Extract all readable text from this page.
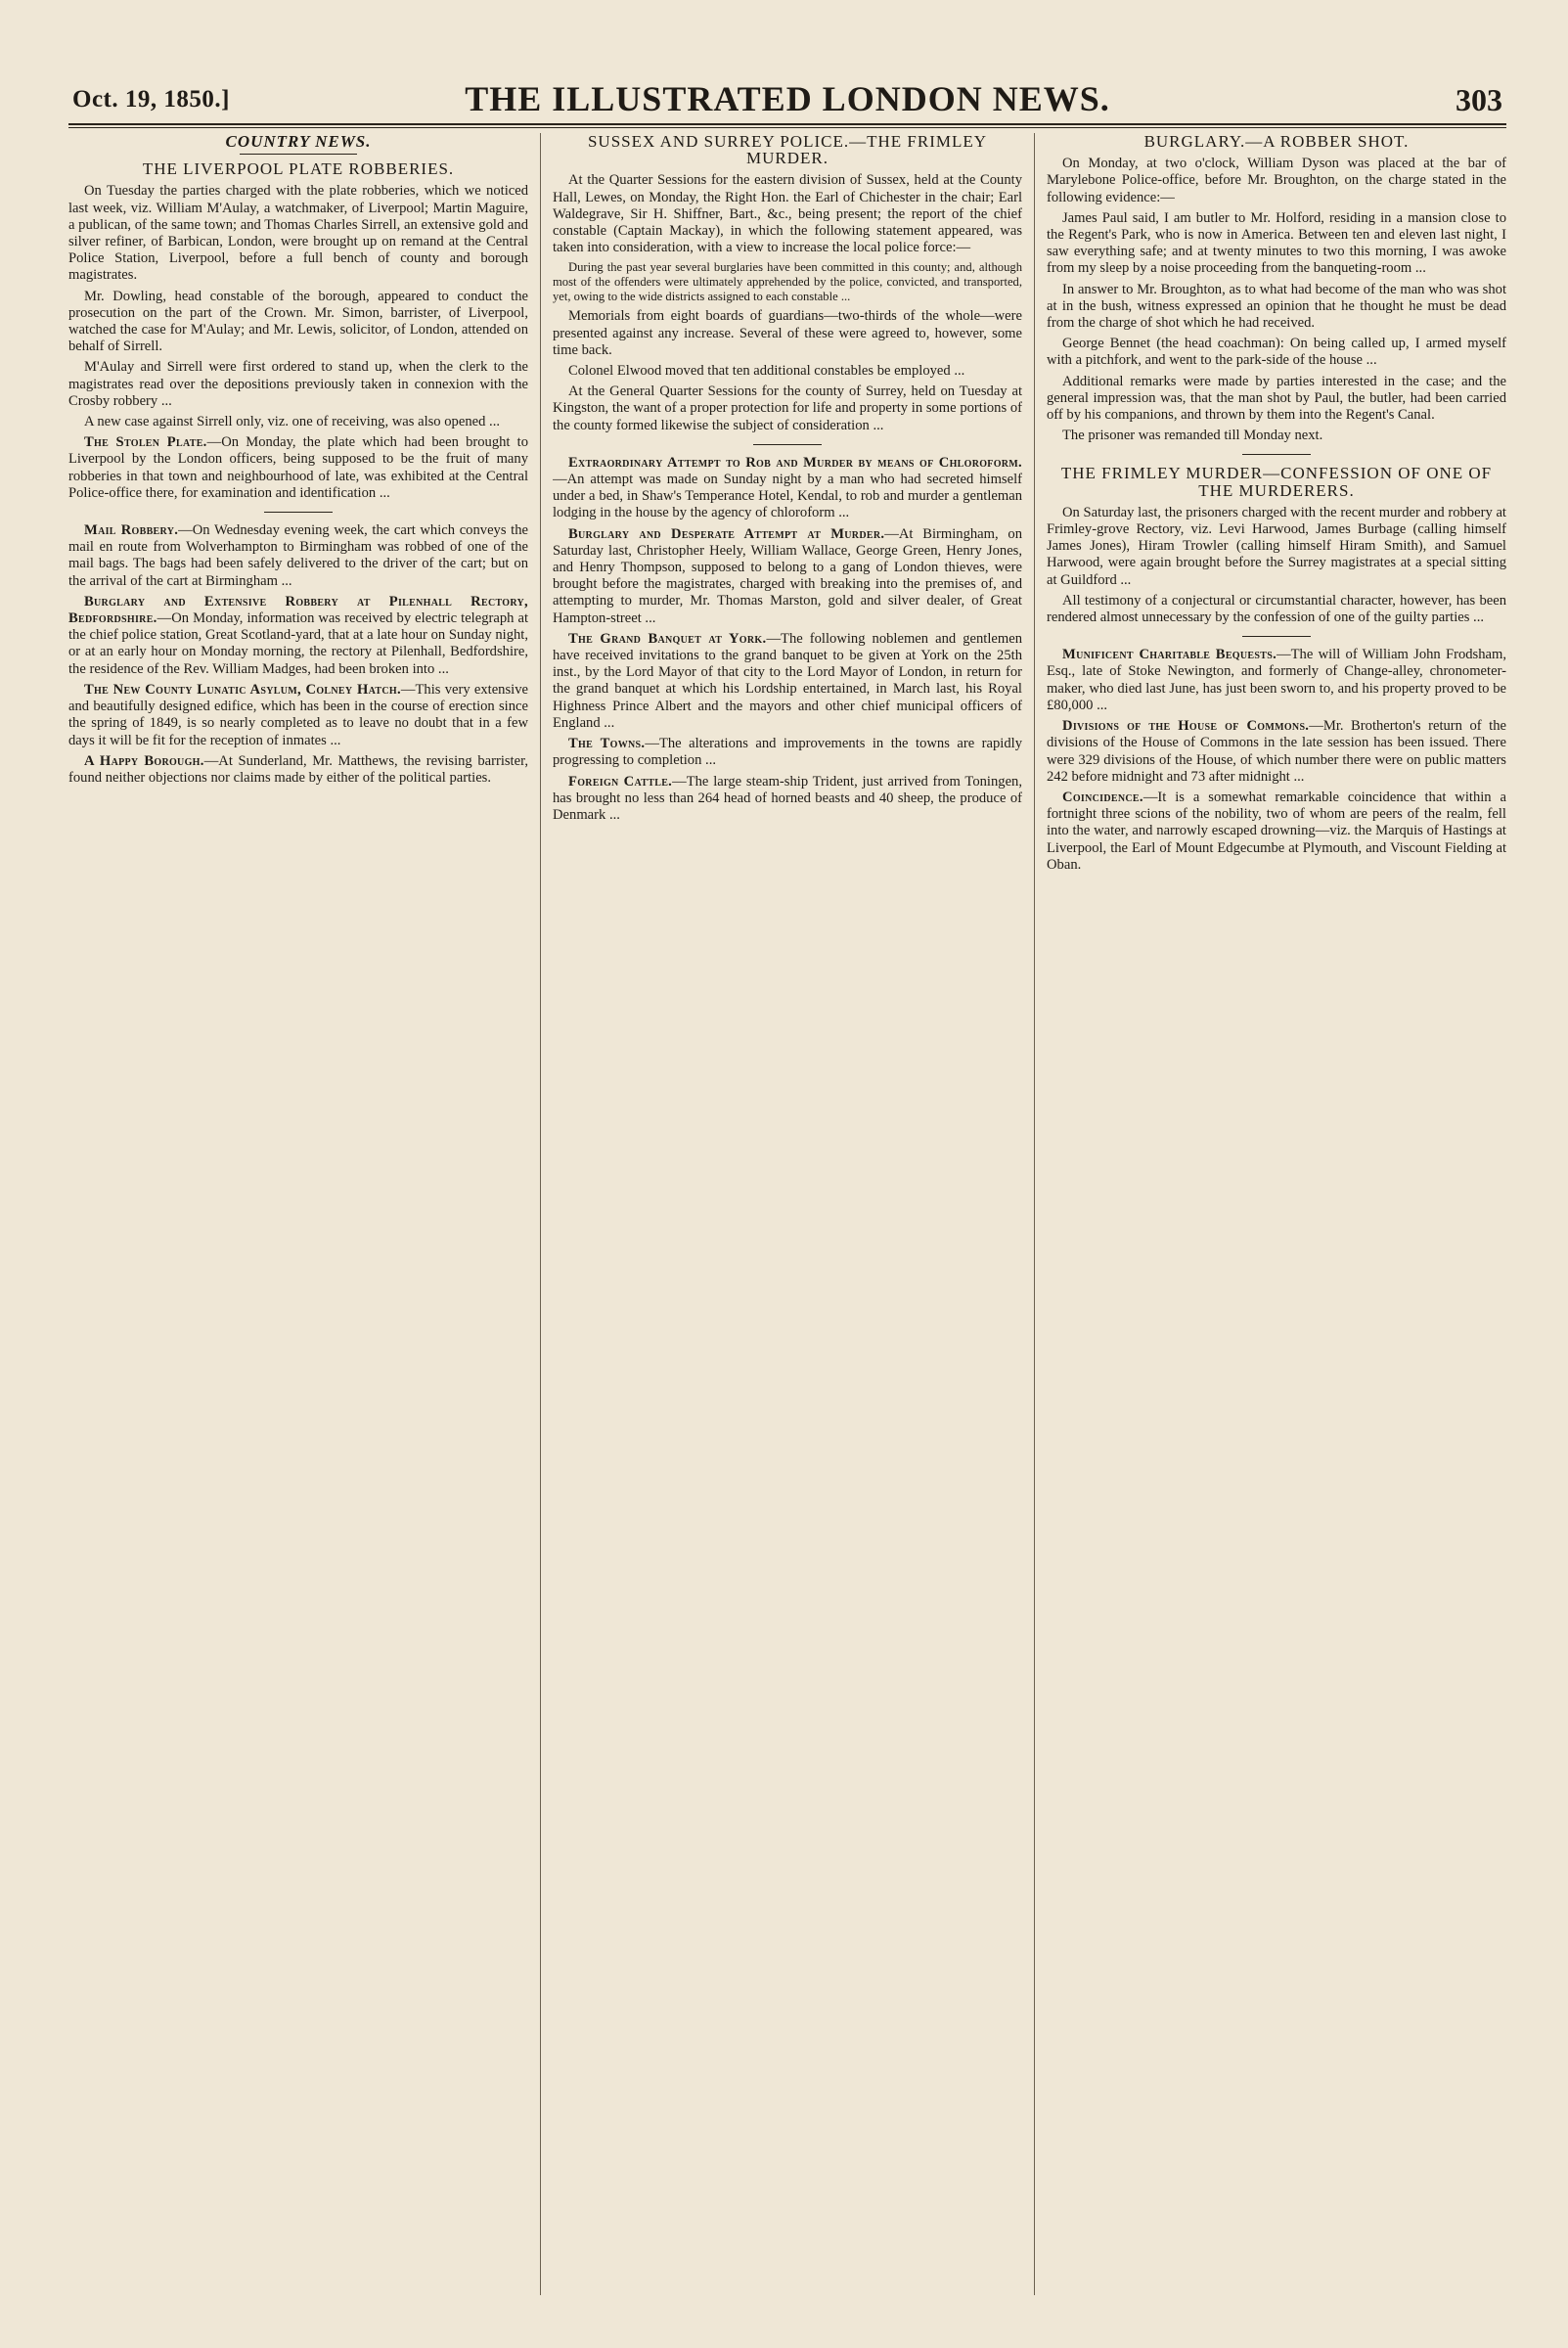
Oct. 19, 1850.]	THE ILLUSTRATED LONDON NEWS.	303
COUNTRY NEWS.
THE LIVERPOOL PLATE ROBBERIES.

On Tuesday the parties charged with the plate robberies, which we noticed last week, viz. William M'Aulay, a watchmaker, of Liverpool; Martin Maguire, a publican, of the same town; and Thomas Charles Sirrell, an extensive gold and silver refiner, of Barbican, London, were brought up on remand at the Central Police Station, Liverpool, before a full bench of county and borough magistrates.

Mr. Dowling, head constable of the borough, appeared to conduct the prosecution on the part of the Crown. Mr. Simon, barrister, of Liverpool, watched the case for M'Aulay; and Mr. Lewis, solicitor, of London, attended on behalf of Sirrell.

M'Aulay and Sirrell were first ordered to stand up, when the clerk to the magistrates read over the depositions previously taken in connexion with the Crosby robbery ...

A new case against Sirrell only, viz. one of receiving, was also opened ...

The Stolen Plate.—On Monday, the plate which had been brought to Liverpool by the London officers, being supposed to be the fruit of many robberies in that town and neighbourhood of late, was exhibited at the Central Police-office there, for examination and identification ...

Mail Robbery.—On Wednesday evening week, the cart which conveys the mail en route from Wolverhampton to Birmingham was robbed of one of the mail bags. The bags had been safely delivered to the driver of the cart; but on the arrival of the cart at Birmingham ...

Burglary and Extensive Robbery at Pilenhall Rectory, Bedfordshire.—On Monday, information was received by electric telegraph at the chief police station, Great Scotland-yard, that at a late hour on Sunday night, or at an early hour on Monday morning, the rectory at Pilenhall, Bedfordshire, the residence of the Rev. William Madges, had been broken into ...

The New County Lunatic Asylum, Colney Hatch.—This very extensive and beautifully designed edifice, which has been in the course of erection since the spring of 1849, is so nearly completed as to leave no doubt that in a few days it will be fit for the reception of inmates ...

A Happy Borough.—At Sunderland, Mr. Matthews, the revising barrister, found neither objections nor claims made by either of the political parties.

SUSSEX AND SURREY POLICE.—THE FRIMLEY MURDER.

At the Quarter Sessions for the eastern division of Sussex, held at the County Hall, Lewes, on Monday, the Right Hon. the Earl of Chichester in the chair; Earl Waldegrave, Sir H. Shiffner, Bart., &c., being present; the report of the chief constable (Captain Mackay), in which the following statement appeared, was taken into consideration, with a view to increase the local police force:—

During the past year several burglaries have been committed in this county; and, although most of the offenders were ultimately apprehended by the police, convicted, and transported, yet, owing to the wide districts assigned to each constable ...

Memorials from eight boards of guardians—two-thirds of the whole—were presented against any increase. Several of these were agreed to, however, some time back.

Colonel Elwood moved that ten additional constables be employed ...

At the General Quarter Sessions for the county of Surrey, held on Tuesday at Kingston, the want of a proper protection for life and property in some portions of the county formed likewise the subject of consideration ...

Extraordinary Attempt to Rob and Murder by means of Chloroform.—An attempt was made on Sunday night by a man who had secreted himself under a bed, in Shaw's Temperance Hotel, Kendal, to rob and murder a gentleman lodging in the house by the agency of chloroform ...

Burglary and Desperate Attempt at Murder.—At Birmingham, on Saturday last, Christopher Heely, William Wallace, George Green, Henry Jones, and Henry Thompson, supposed to belong to a gang of London thieves, were brought before the magistrates, charged with breaking into the premises of, and attempting to murder, Mr. Thomas Marston, gold and silver dealer, of Great Hampton-street ...

The Grand Banquet at York.—The following noblemen and gentlemen have received invitations to the grand banquet to be given at York on the 25th inst., by the Lord Mayor of that city to the Lord Mayor of London, in return for the grand banquet at which his Lordship entertained, in March last, his Royal Highness Prince Albert and the mayors and other chief municipal officers of England ...

The Towns.—The alterations and improvements in the towns are rapidly progressing to completion ...

Foreign Cattle.—The large steam-ship Trident, just arrived from Toningen, has brought no less than 264 head of horned beasts and 40 sheep, the produce of Denmark ...

BURGLARY.—A ROBBER SHOT.

On Monday, at two o'clock, William Dyson was placed at the bar of Marylebone Police-office, before Mr. Broughton, on the charge stated in the following evidence:—

James Paul said, I am butler to Mr. Holford, residing in a mansion close to the Regent's Park, who is now in America. Between ten and eleven last night, I saw everything safe; and at twenty minutes to two this morning, I was awoke from my sleep by a noise proceeding from the banqueting-room ...

In answer to Mr. Broughton, as to what had become of the man who was shot at in the bush, witness expressed an opinion that he thought he must be dead from the charge of shot which he had received.

George Bennet (the head coachman): On being called up, I armed myself with a pitchfork, and went to the park-side of the house ...

Additional remarks were made by parties interested in the case; and the general impression was, that the man shot by Paul, the butler, had been carried off by his companions, and thrown by them into the Regent's Canal.

The prisoner was remanded till Monday next.

THE FRIMLEY MURDER—CONFESSION OF ONE OF THE MURDERERS.

On Saturday last, the prisoners charged with the recent murder and robbery at Frimley-grove Rectory, viz. Levi Harwood, James Burbage (calling himself James Jones), Hiram Trowler (calling himself Hiram Smith), and Samuel Harwood, were again brought before the Surrey magistrates at a special sitting at Guildford ...

All testimony of a conjectural or circumstantial character, however, has been rendered almost unnecessary by the confession of one of the guilty parties ...

Munificent Charitable Bequests.—The will of William John Frodsham, Esq., late of Stoke Newington, and formerly of Change-alley, chronometer-maker, who died last June, has just been sworn to, and his property proved to be £80,000 ...

Divisions of the House of Commons.—Mr. Brotherton's return of the divisions of the House of Commons in the late session has been issued. There were 329 divisions of the House, of which number there were on public matters 242 before midnight and 73 after midnight ...

Coincidence.—It is a somewhat remarkable coincidence that within a fortnight three scions of the nobility, two of whom are peers of the realm, fell into the water, and narrowly escaped drowning—viz. the Marquis of Hastings at Liverpool, the Earl of Mount Edgecumbe at Plymouth, and Viscount Fielding at Oban.
